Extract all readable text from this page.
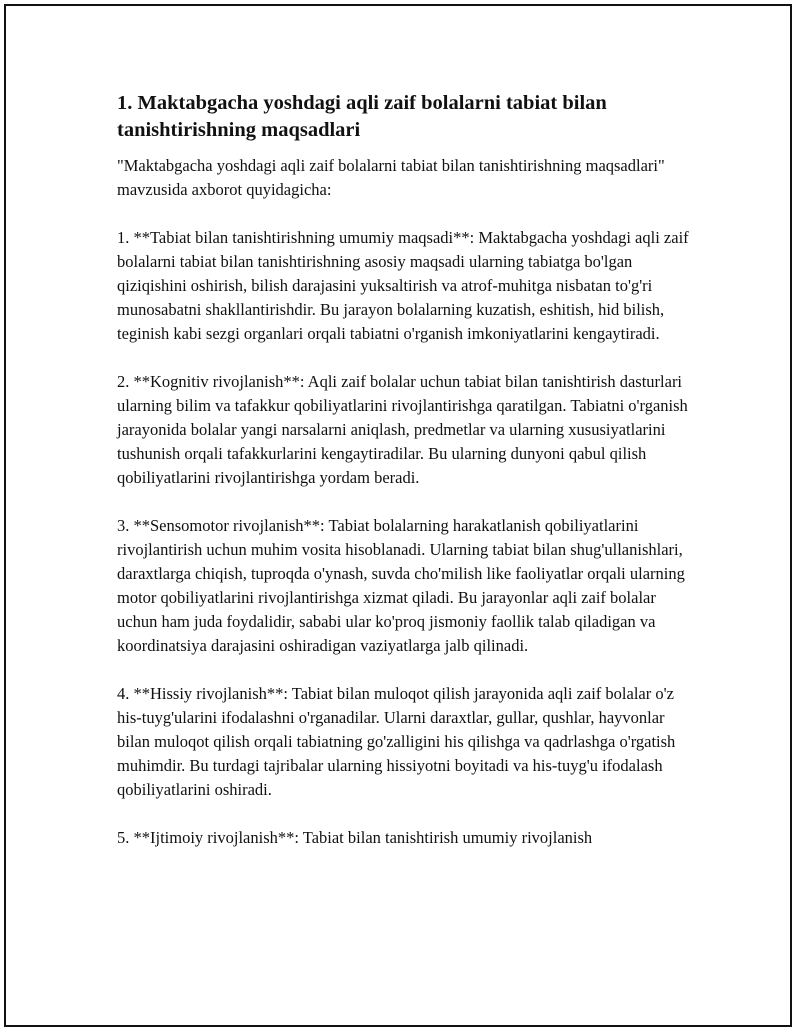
1. Maktabgacha yoshdagi aqli zaif bolalarni tabiat bilan tanishtirishning maqsadlari

"Maktabgacha yoshdagi aqli zaif bolalarni tabiat bilan tanishtirishning maqsadlari" mavzusida axborot quyidagicha:

1. **Tabiat bilan tanishtirishning umumiy maqsadi**: Maktabgacha yoshdagi aqli zaif bolalarni tabiat bilan tanishtirishning asosiy maqsadi ularning tabiatga bo'lgan qiziqishini oshirish, bilish darajasini yuksaltirish va atrof-muhitga nisbatan to'g'ri munosabatni shakllantirishdir. Bu jarayon bolalarning kuzatish, eshitish, hid bilish, teginish kabi sezgi organlari orqali tabiatni o'rganish imkoniyatlarini kengaytiradi.

2. **Kognitiv rivojlanish**: Aqli zaif bolalar uchun tabiat bilan tanishtirish dasturlari ularning bilim va tafakkur qobiliyatlarini rivojlantirishga qaratilgan. Tabiatni o'rganish jarayonida bolalar yangi narsalarni aniqlash, predmetlar va ularning xususiyatlarini tushunish orqali tafakkurlarini kengaytiradilar. Bu ularning dunyoni qabul qilish qobiliyatlarini rivojlantirishga yordam beradi.

3. **Sensomotor rivojlanish**: Tabiat bolalarning harakatlanish qobiliyatlarini rivojlantirish uchun muhim vosita hisoblanadi. Ularning tabiat bilan shug'ullanishlari, daraxtlarga chiqish, tuproqda o'ynash, suvda cho'milish like faoliyatlar orqali ularning motor qobiliyatlarini rivojlantirishga xizmat qiladi. Bu jarayonlar aqli zaif bolalar uchun ham juda foydalidir, sababi ular ko'proq jismoniy faollik talab qiladigan va koordinatsiya darajasini oshiradigan vaziyatlarga jalb qilinadi.

4. **Hissiy rivojlanish**: Tabiat bilan muloqot qilish jarayonida aqli zaif bolalar o'z his-tuyg'ularini ifodalashni o'rganadilar. Ularni daraxtlar, gullar, qushlar, hayvonlar bilan muloqot qilish orqali tabiatning go'zalligini his qilishga va qadrlashga o'rgatish muhimdir. Bu turdagi tajribalar ularning hissiyotni boyitadi va his-tuyg'u ifodalash qobiliyatlarini oshiradi.

5. **Ijtimoiy rivojlanish**: Tabiat bilan tanishtirish umumiy rivojlanish
